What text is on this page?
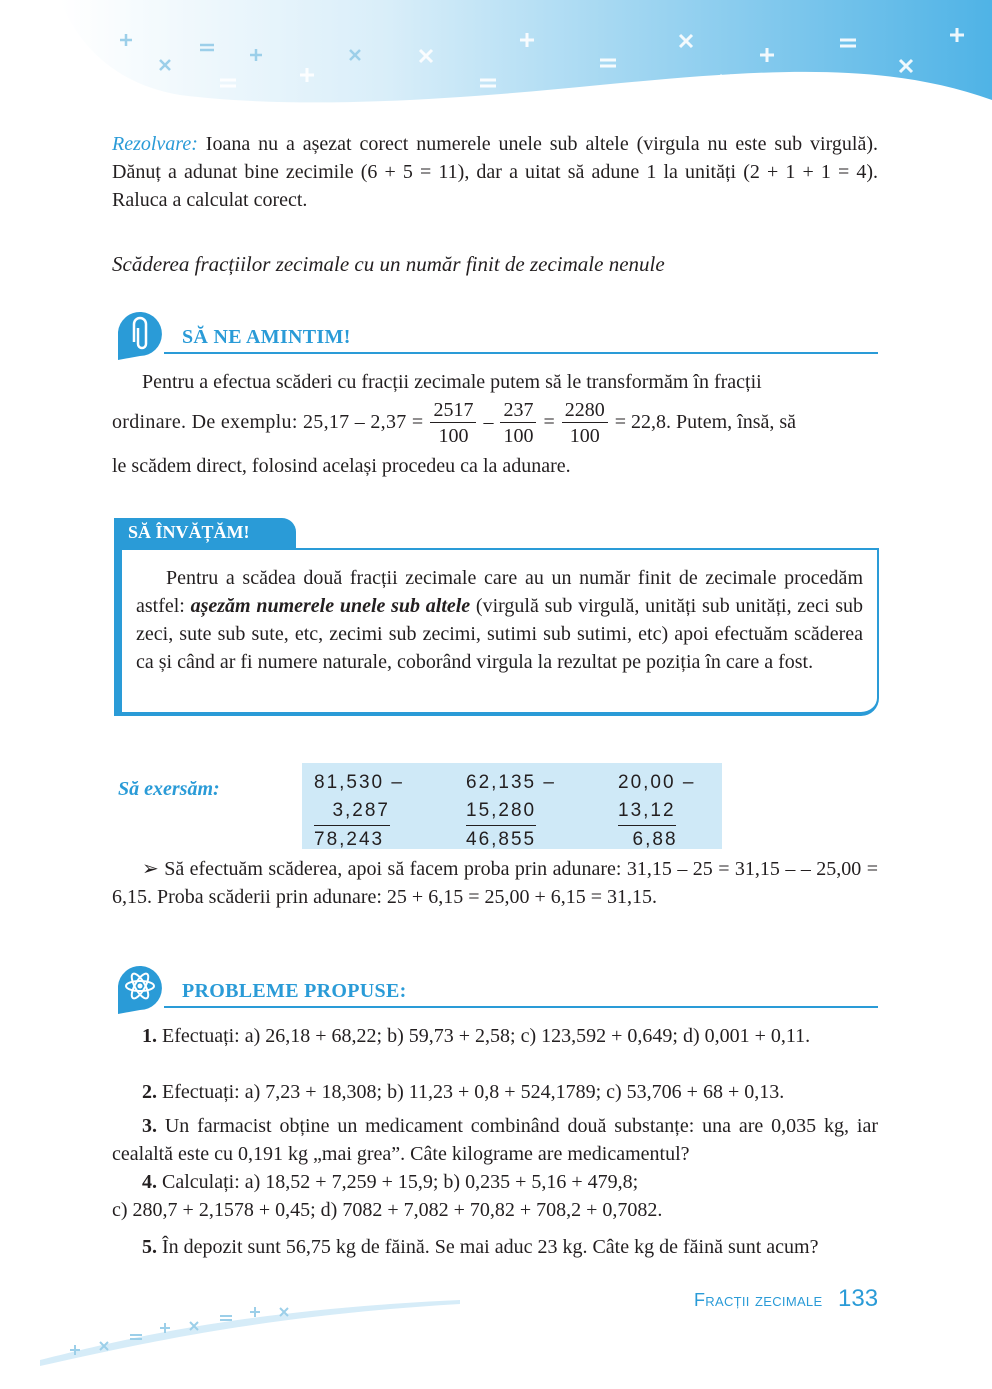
Rezolvare: Ioana nu a așezat corect numerele unele sub altele (virgula nu este sub virgulă). Dănuț a adunat bine zecimile (6 + 5 = 11), dar a uitat să adune 1 la unități (2 + 1 + 1 = 4). Raluca a calculat corect.
Scăderea fracțiilor zecimale cu un număr finit de zecimale nenule
SĂ NE AMINTIM!
Pentru a efectua scăderi cu fracții zecimale putem să le transformăm în fracții
ordinare. De exemplu: $25,17 - 2,37 = \frac{2517}{100} - \frac{237}{100} = \frac{2280}{100} = 22,8$. Putem, însă, să
le scădem direct, folosind același procedeu ca la adunare.
SĂ ÎNVĂȚĂM!
Pentru a scădea două fracții zecimale care au un număr finit de zecimale procedăm astfel: așezăm numerele unele sub altele (virgulă sub virgulă, unități sub unități, zeci sub zeci, sute sub sute, etc, zecimi sub zecimi, sutimi sub sutimi, etc) apoi efectuăm scăderea ca și când ar fi numere naturale, coborând virgula la rezultat pe poziția în care a fost.
Să exersăm:	81,530 –
3,287
78,243
62,135 –
15,280
46,855
20,00 –
13,12
6,88
➢ Să efectuăm scăderea, apoi să facem proba prin adunare: 31,15 – 25 = 31,15 – – 25,00 = 6,15. Proba scăderii prin adunare: 25 + 6,15 = 25,00 + 6,15 = 31,15.
PROBLEME PROPUSE:
1. Efectuați: a) 26,18 + 68,22; b) 59,73 + 2,58; c) 123,592 + 0,649; d) 0,001 + 0,11.
2. Efectuați: a) 7,23 + 18,308; b) 11,23 + 0,8 + 524,1789; c) 53,706 + 68 + 0,13.
3. Un farmacist obține un medicament combinând două substanțe: una are 0,035 kg, iar cealaltă este cu 0,191 kg „mai grea”. Câte kilograme are medicamentul?
4. Calculați: a) 18,52 + 7,259 + 15,9; b) 0,235 + 5,16 + 479,8;
c) 280,7 + 2,1578 + 0,45; d) 7082 + 7,082 + 70,82 + 708,2 + 0,7082.
5. În depozit sunt 56,75 kg de făină. Se mai aduc 23 kg. Câte kg de făină sunt acum?
Fracții zecimale 133
